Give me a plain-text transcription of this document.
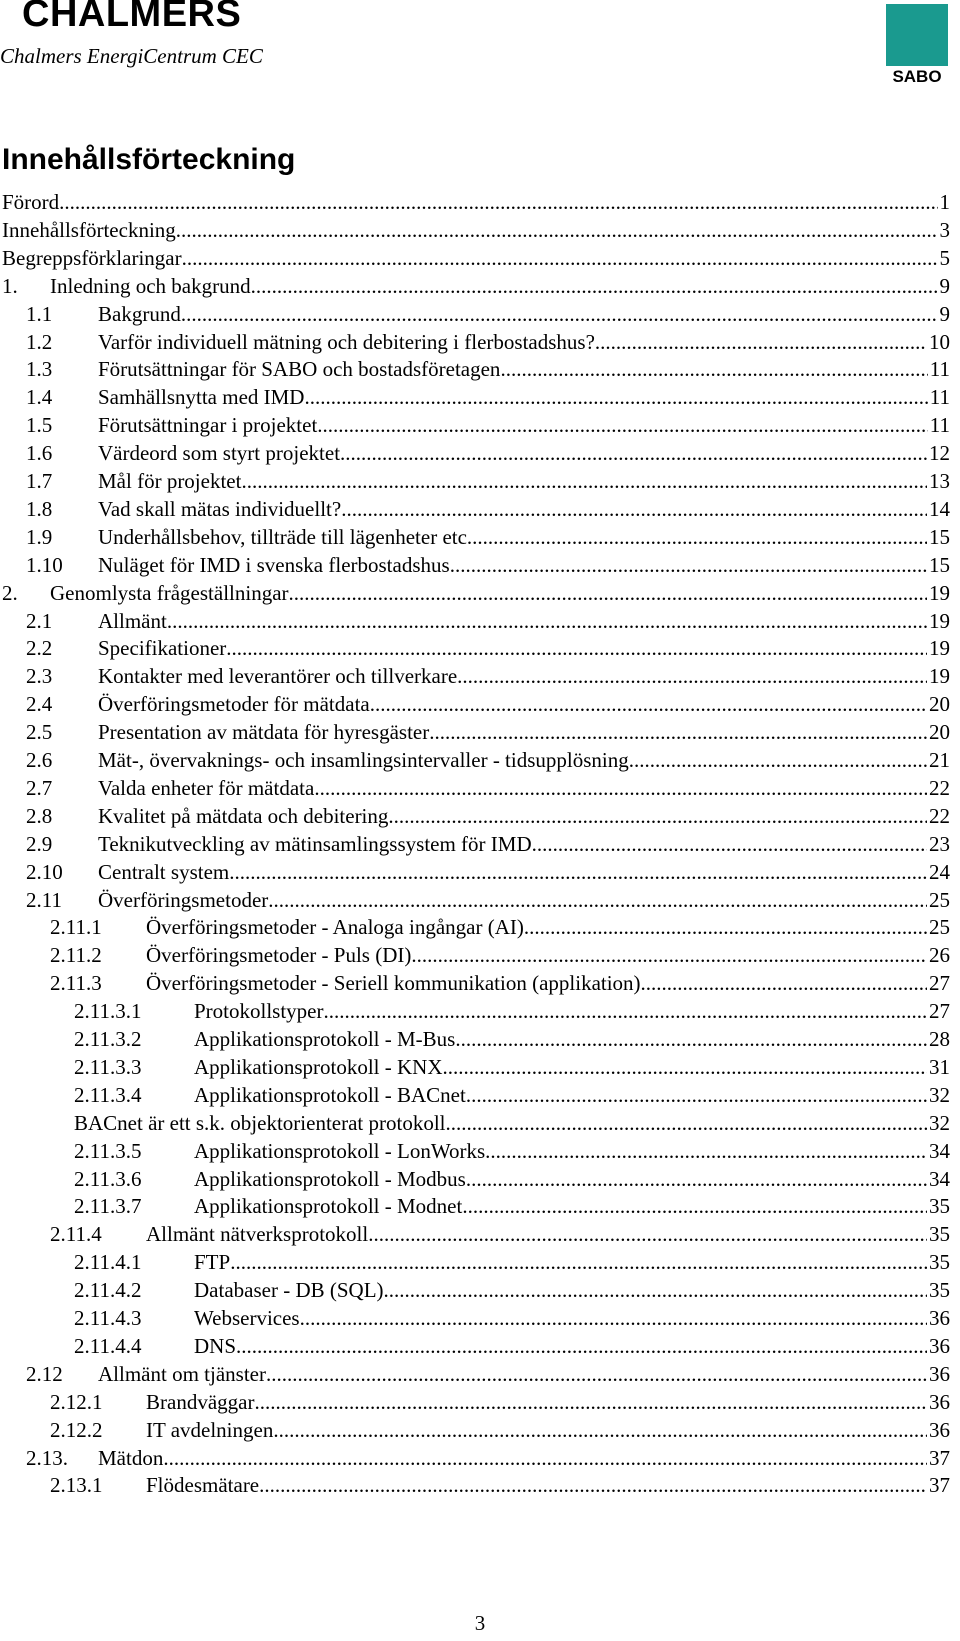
CHALMERS
Chalmers EnergiCentrum CEC
SABO
Innehållsförteckning
Förord .....	1
Innehållsförteckning .....	3
Begreppsförklaringar .....	5
1.	Inledning och bakgrund .....	9
1.1	Bakgrund .....	9
1.2	Varför individuell mätning och debitering i flerbostadshus? .....	10
1.3	Förutsättningar för SABO och bostadsföretagen .....	11
1.4	Samhällsnytta med IMD .....	11
1.5	Förutsättningar i projektet .....	11
1.6	Värdeord som styrt projektet .....	12
1.7	Mål för projektet .....	13
1.8	Vad skall mätas individuellt? .....	14
1.9	Underhållsbehov, tillträde till lägenheter etc. .....	15
1.10	Nuläget för IMD i svenska flerbostadshus .....	15
2.	Genomlysta frågeställningar .....	19
2.1	Allmänt .....	19
2.2	Specifikationer .....	19
2.3	Kontakter med leverantörer och tillverkare .....	19
2.4	Överföringsmetoder för mätdata .....	20
2.5	Presentation av mätdata för hyresgäster .....	20
2.6	Mät-, övervaknings- och insamlingsintervaller - tidsupplösning .....	21
2.7	Valda enheter för mätdata .....	22
2.8	Kvalitet på mätdata och debitering .....	22
2.9	Teknikutveckling av mätinsamlingssystem för IMD .....	23
2.10	Centralt system .....	24
2.11	Överföringsmetoder .....	25
2.11.1	Överföringsmetoder - Analoga ingångar (AI) .....	25
2.11.2	Överföringsmetoder - Puls (DI) .....	26
2.11.3	Överföringsmetoder - Seriell kommunikation (applikation) .....	27
2.11.3.1	Protokollstyper .....	27
2.11.3.2	Applikationsprotokoll - M-Bus .....	28
2.11.3.3	Applikationsprotokoll - KNX .....	31
2.11.3.4	Applikationsprotokoll - BACnet .....	32
BACnet är ett s.k. objektorienterat protokoll. .....	32
2.11.3.5	Applikationsprotokoll - LonWorks .....	34
2.11.3.6	Applikationsprotokoll - Modbus .....	34
2.11.3.7	Applikationsprotokoll - Modnet .....	35
2.11.4	Allmänt nätverksprotokoll .....	35
2.11.4.1	FTP .....	35
2.11.4.2	Databaser - DB (SQL) .....	35
2.11.4.3	Webservices .....	36
2.11.4.4	DNS .....	36
2.12	Allmänt om tjänster .....	36
2.12.1	Brandväggar .....	36
2.12.2	IT avdelningen .....	36
2.13.	Mätdon .....	37
2.13.1	Flödesmätare .....	37
3
